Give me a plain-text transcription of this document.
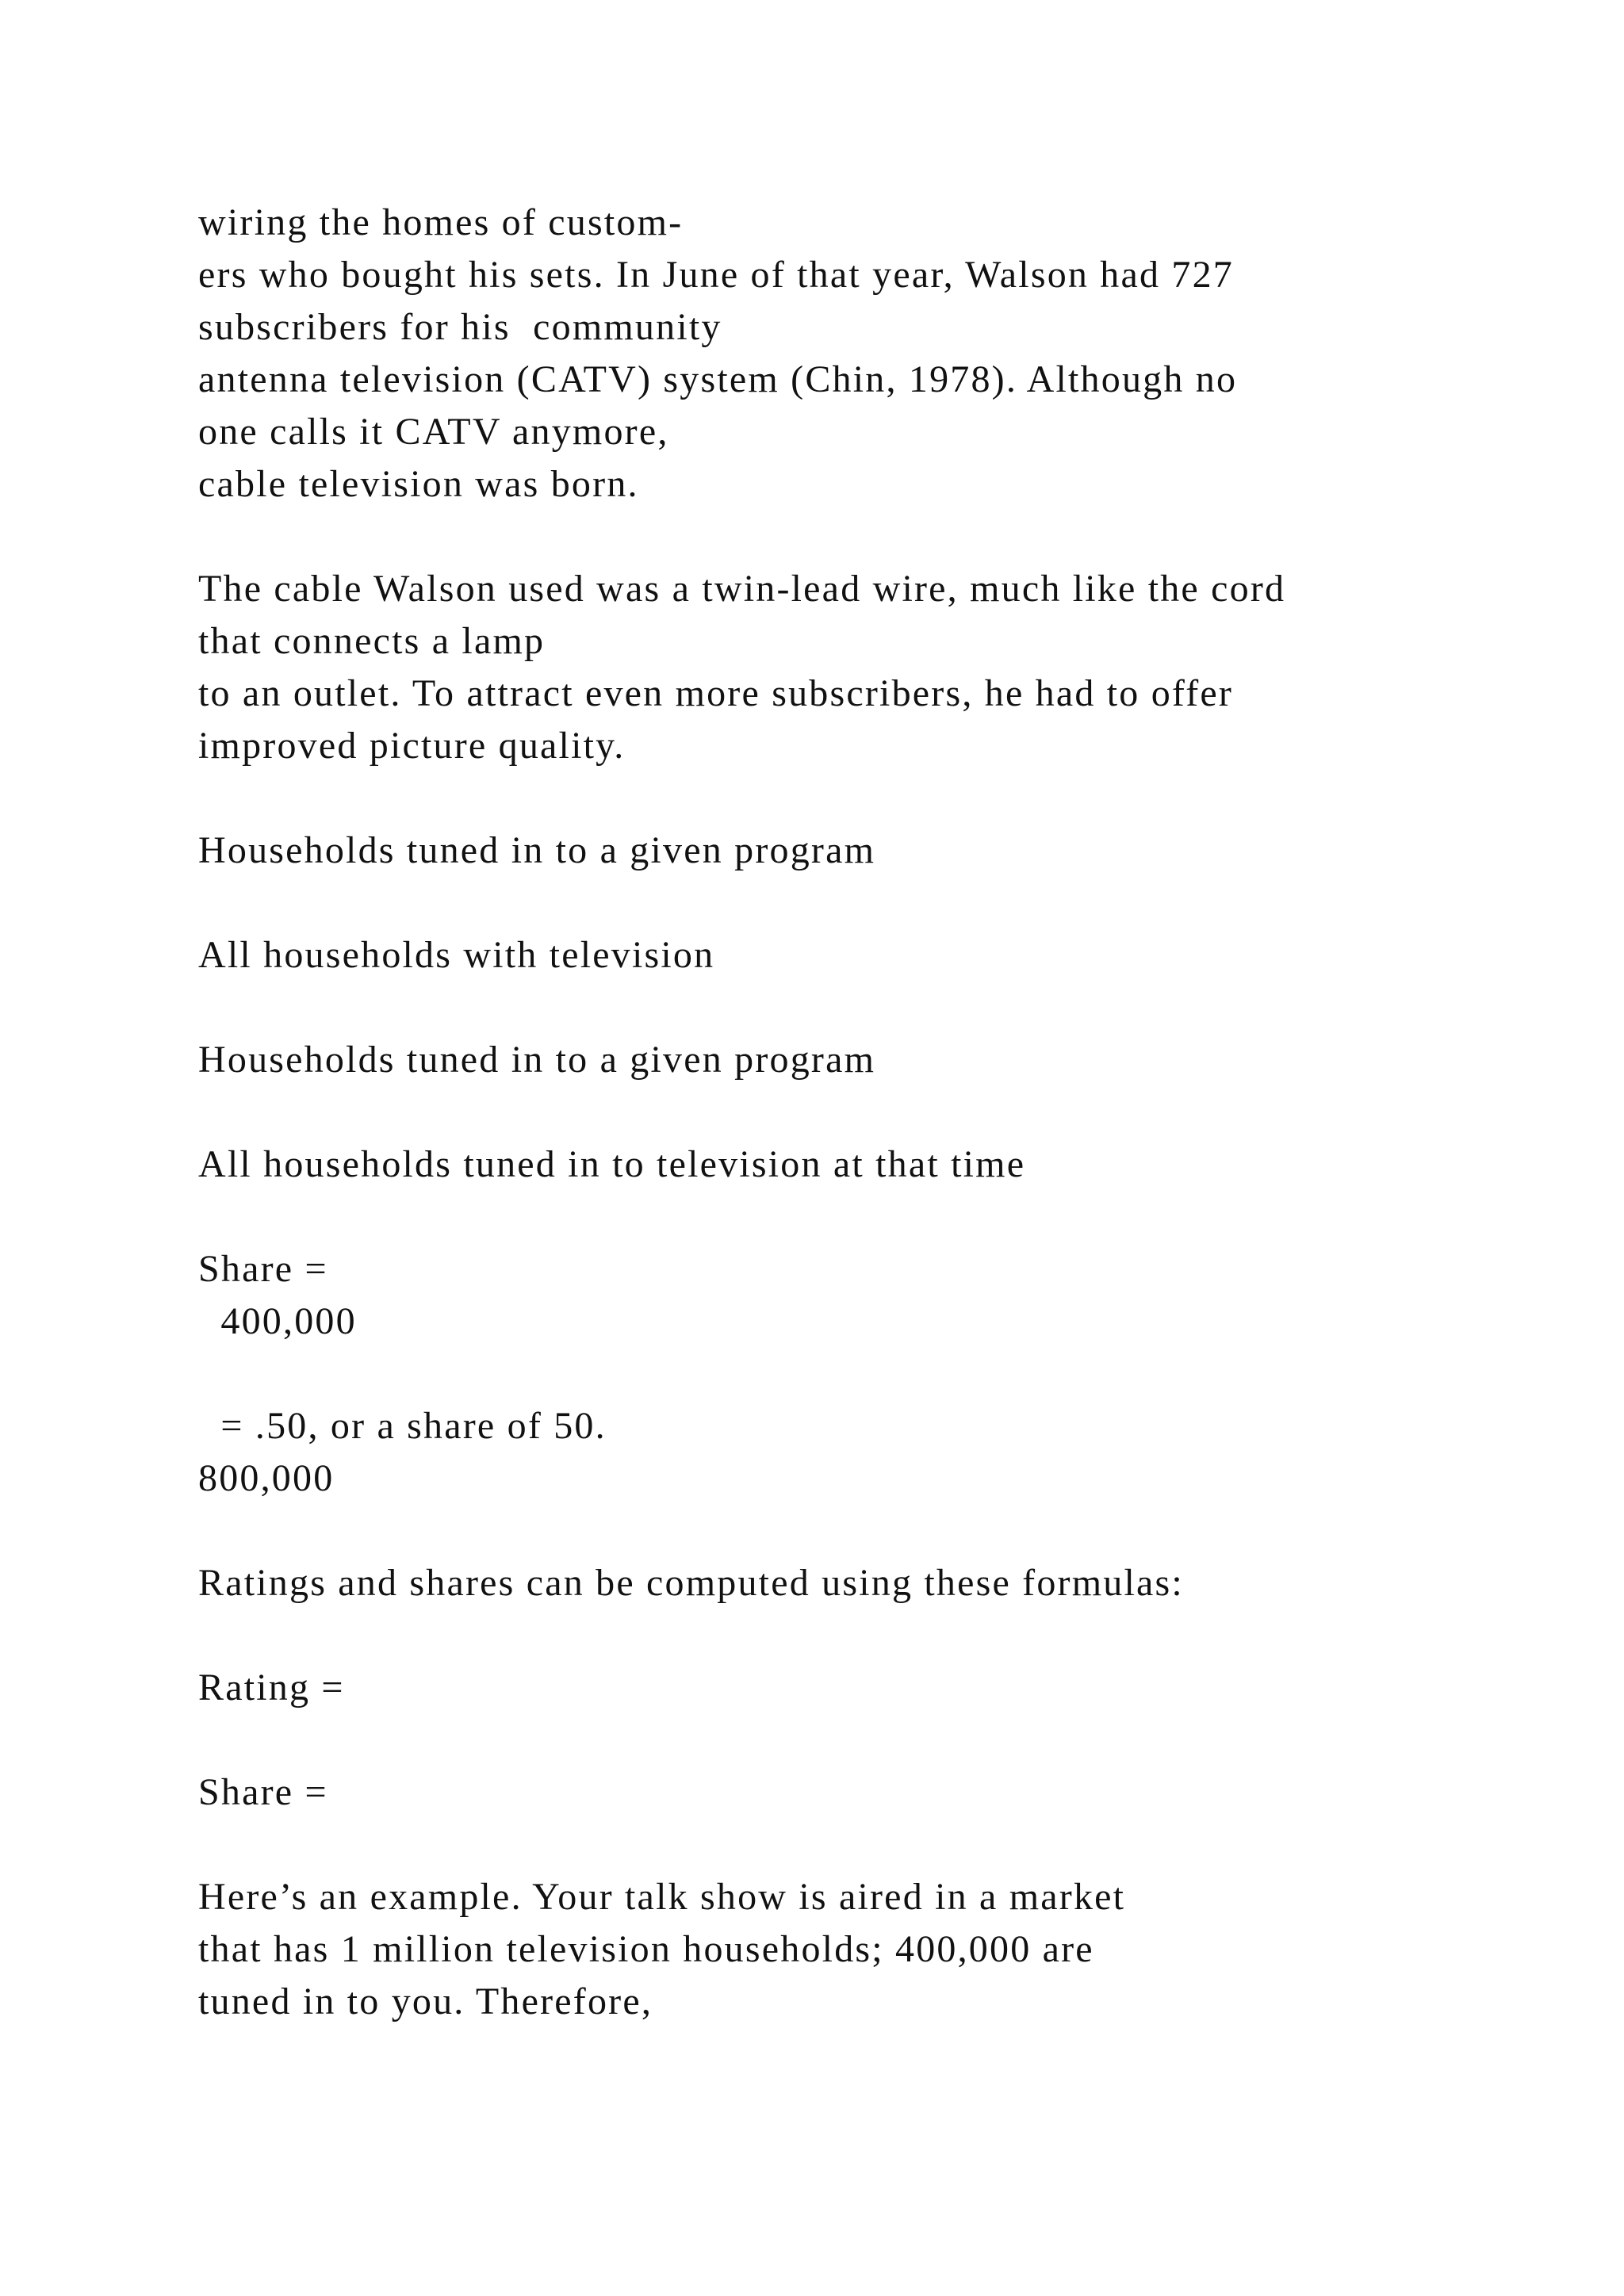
wiring the homes of custom-
ers who bought his sets. In June of that year, Walson had 727
subscribers for his  community
antenna television (CATV) system (Chin, 1978). Although no
one calls it CATV anymore,
cable television was born.
The cable Walson used was a twin-lead wire, much like the cord
that connects a lamp
to an outlet. To attract even more subscribers, he had to offer
improved picture quality.
Households tuned in to a given program
All households with television
Households tuned in to a given program
All households tuned in to television at that time
Share =
400,000
= .50, or a share of 50.
800,000
Ratings and shares can be computed using these formulas:
Rating =
Share =
Here’s an example. Your talk show is aired in a market
that has 1 million television households; 400,000 are
tuned in to you. Therefore,
